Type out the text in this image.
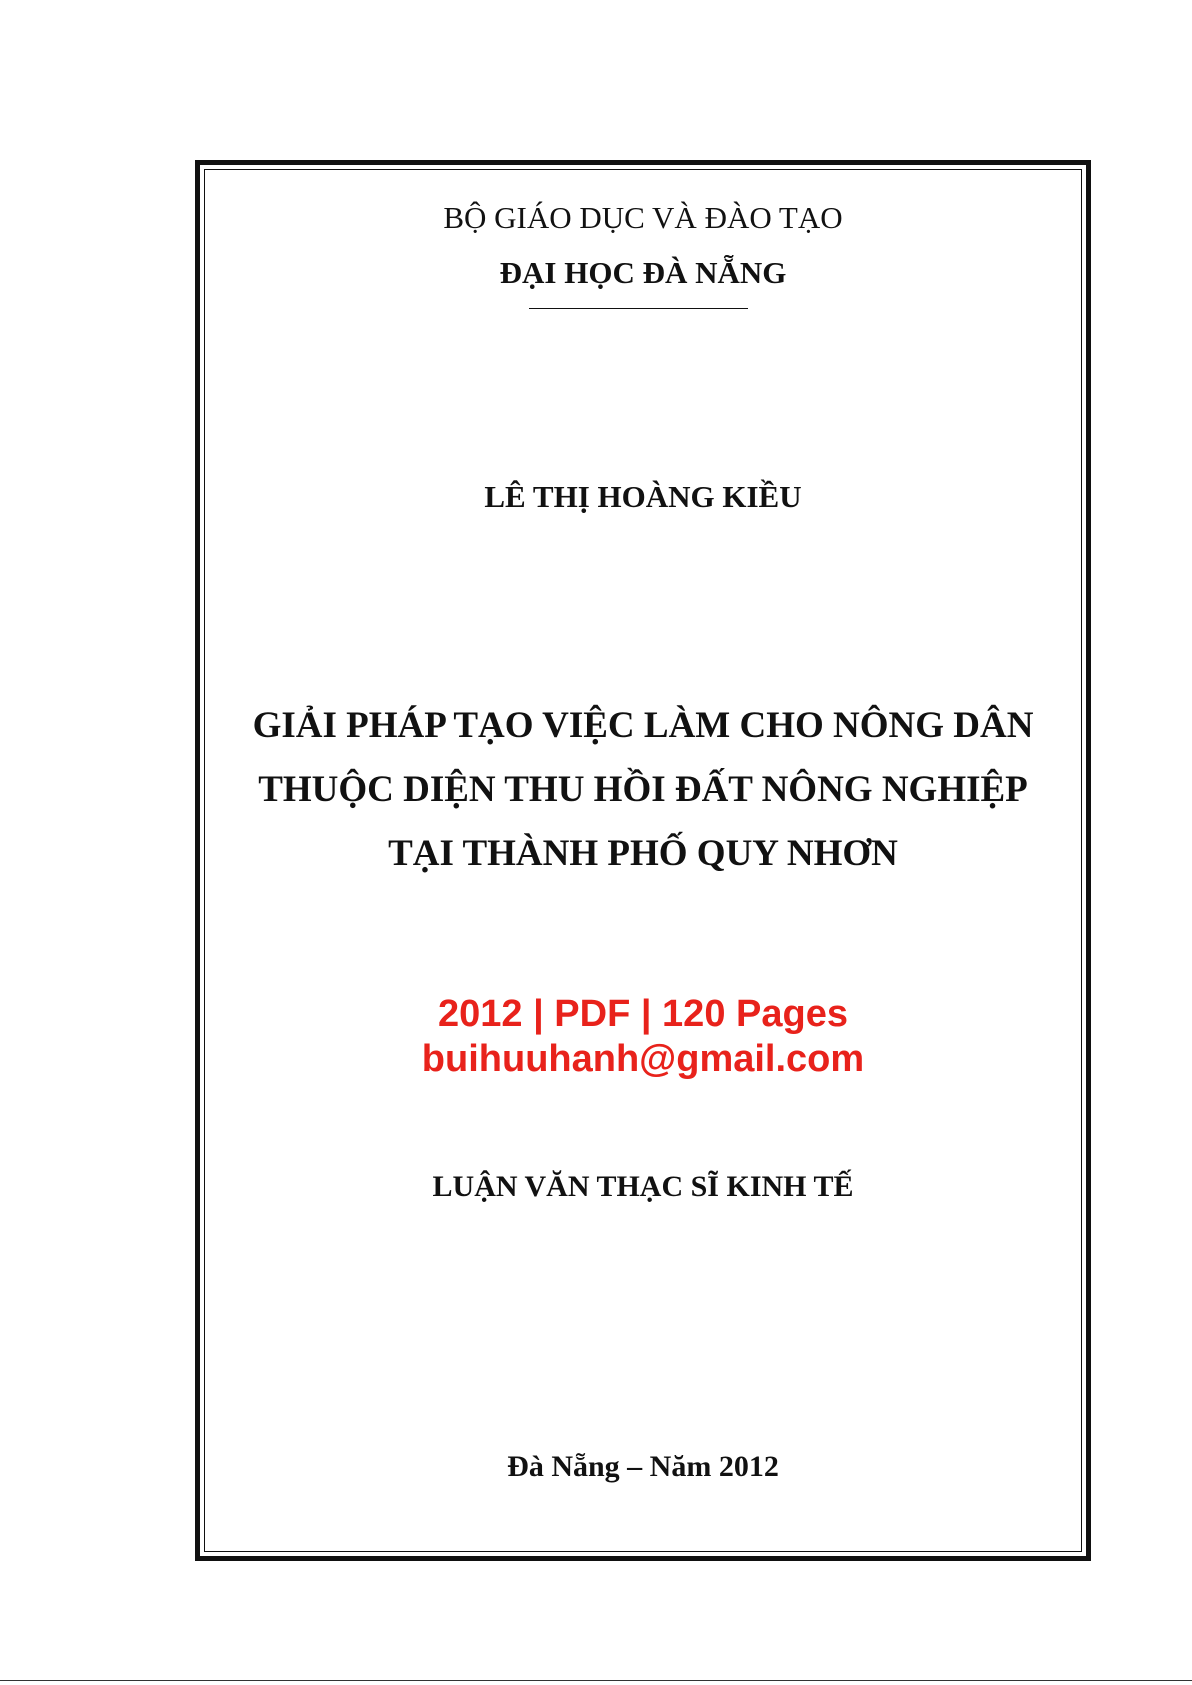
BỘ GIÁO DỤC VÀ ĐÀO TẠO
ĐẠI HỌC ĐÀ NẴNG
LÊ THỊ HOÀNG KIỀU
GIẢI PHÁP TẠO VIỆC LÀM CHO NÔNG DÂN
THUỘC DIỆN THU HỒI ĐẤT NÔNG NGHIỆP
TẠI THÀNH PHỐ QUY NHƠN
2012 | PDF | 120 Pages
buihuuhanh@gmail.com
LUẬN VĂN THẠC SĨ KINH TẾ
Đà Nẵng – Năm 2012
